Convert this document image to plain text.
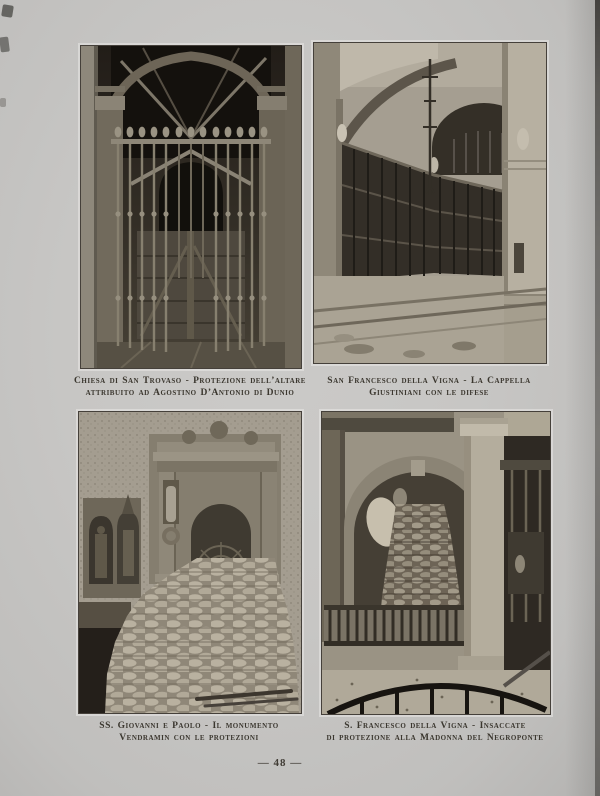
Chiesa di San Trovaso - Protezione dell’altare
attribuito ad Agostino D’Antonio di Dunio
San Francesco della Vigna - La Cappella
Giustiniani con le difese
SS. Giovanni e Paolo - Il monumento
Vendramin con le protezioni
S. Francesco della Vigna - Insaccate
di protezione alla Madonna del Negroponte
— 48 —
